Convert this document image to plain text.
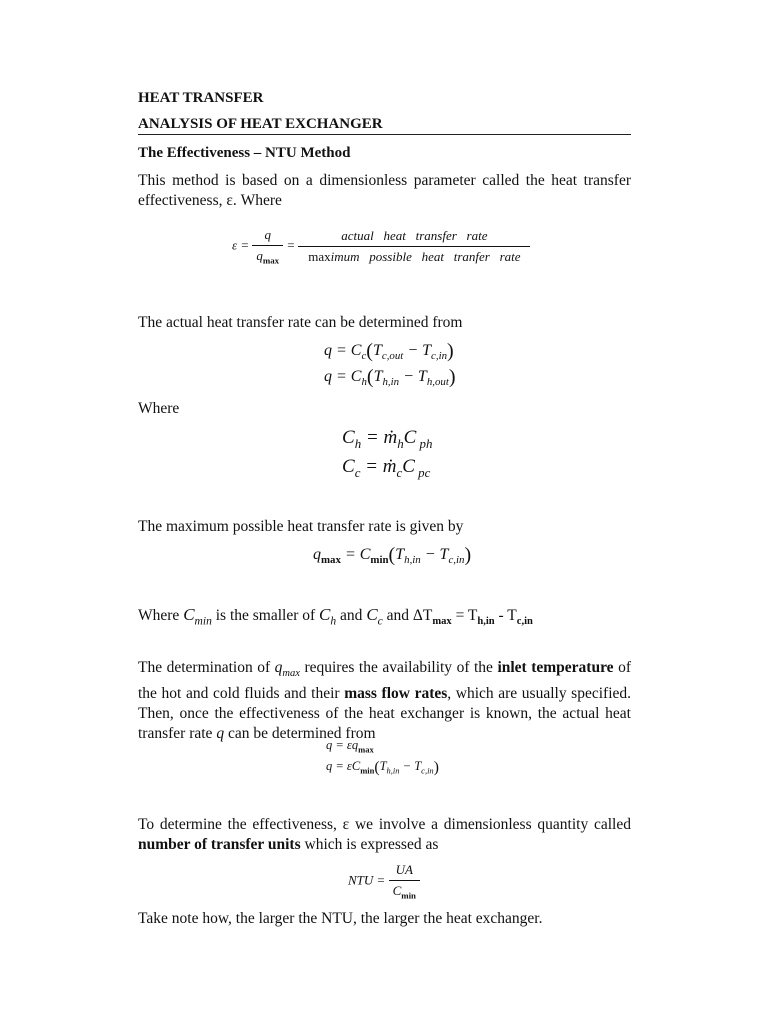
HEAT TRANSFER
ANALYSIS OF HEAT EXCHANGER
The Effectiveness – NTU Method
This method is based on a dimensionless parameter called the heat transfer effectiveness, ε. Where
$\varepsilon = \frac{q}{q_{max}} = \frac{\text{actual   heat   transfer   rate}}{\text{maximum   possible   heat   tranfer   rate}}$
The actual heat transfer rate can be determined from
$q = C_c(T_{c,out} - T_{c,in})$
$q = C_h(T_{h,in} - T_{h,out})$
Where
$C_h$ = ṁ$_h$C $_{ph}$
$C_c$ = ṁ$_c$C $_{pc}$
The maximum possible heat transfer rate is given by
$q_{max} = C_{min}(T_{h,in} - T_{c,in})$
Where $C_{min}$ is the smaller of $C_h$ and $C_c$ and $\Delta T_{max} = T_{h,in} - T_{c,in}$
The determination of $q_{max}$ requires the availability of the inlet temperature of the hot and cold fluids and their mass flow rates, which are usually specified. Then, once the effectiveness of the heat exchanger is known, the actual heat transfer rate q can be determined from
$q = \varepsilon q_{max}$
$q = \varepsilon C_{min}(T_{h,in} - T_{c,in})$
To determine the effectiveness, ε we involve a dimensionless quantity called number of transfer units which is expressed as
NTU = $\frac{UA}{C_{min}}$
Take note how, the larger the NTU, the larger the heat exchanger.
